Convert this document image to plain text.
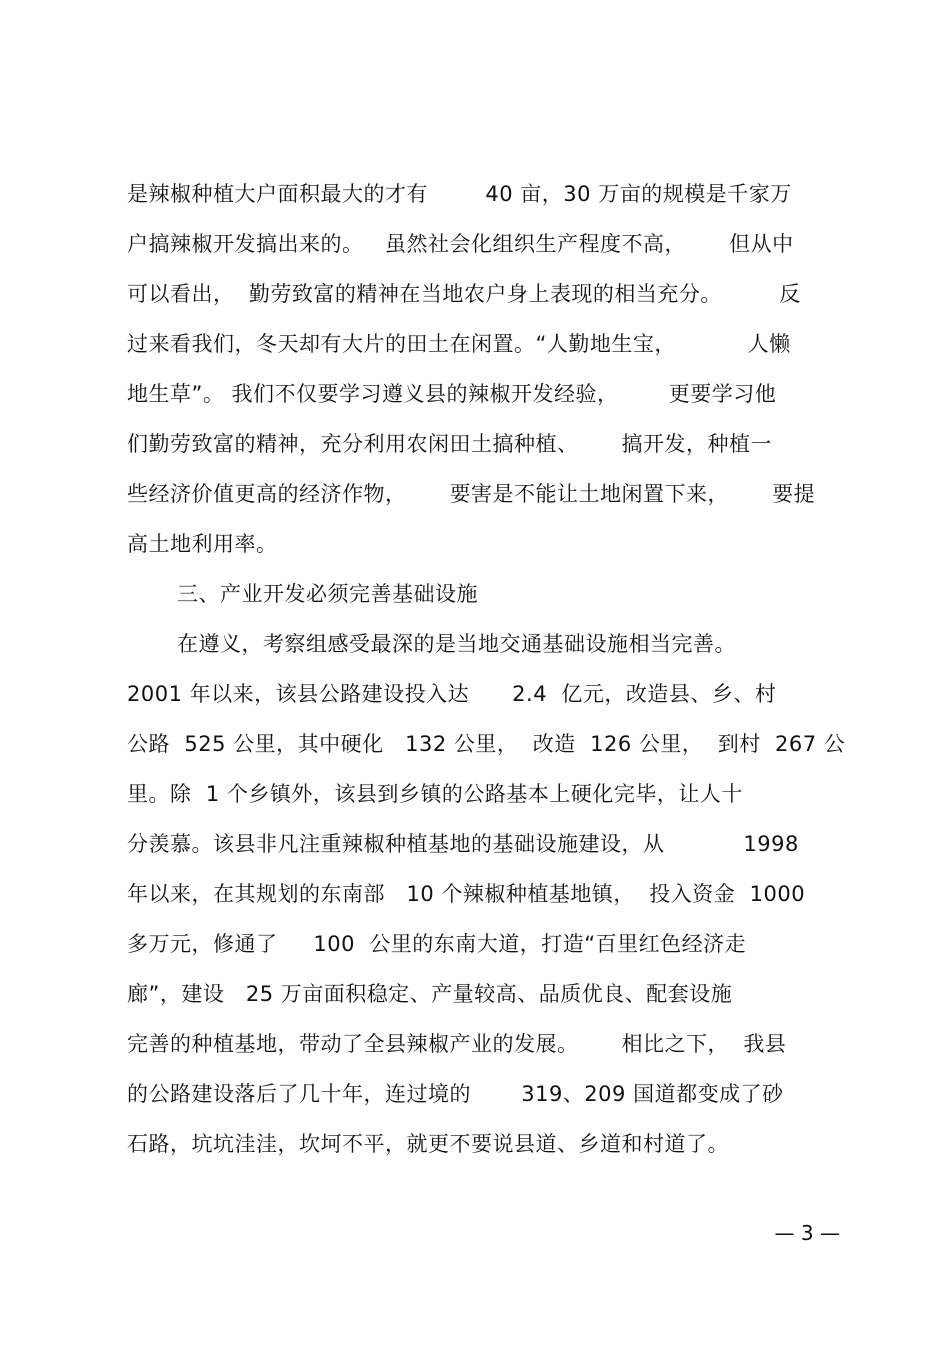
是辣椒种植大户面积最大的才有        40 亩，30 万亩的规模是千家万
户搞辣椒开发搞出来的。   虽然社会化组织生产程度不高，      但从中
可以看出，  勤劳致富的精神在当地农户身上表现的相当充分。        反
过来看我们，冬天却有大片的田土在闲置。“人勤地生宝，          人懒
地生草”。 我们不仅要学习遵义县的辣椒开发经验，       更要学习他
们勤劳致富的精神，充分利用农闲田土搞种植、      搞开发，种植一
些经济价值更高的经济作物，      要害是不能让土地闲置下来，      要提
高土地利用率。
三、产业开发必须完善基础设施
在遵义，考察组感受最深的是当地交通基础设施相当完善。
2001 年以来，该县公路建设投入达      2.4  亿元，改造县、乡、村
公路  525 公里，其中硬化   132 公里，  改造  126 公里，  到村  267 公
里。除  1 个乡镇外，该县到乡镇的公路基本上硬化完毕，让人十
分羡慕。该县非凡注重辣椒种植基地的基础设施建设，从           1998
年以来，在其规划的东南部   10 个辣椒种植基地镇，  投入资金  1000
多万元，修通了     100  公里的东南大道，打造“百里红色经济走
廊”，建设   25 万亩面积稳定、产量较高、品质优良、配套设施
完善的种植基地，带动了全县辣椒产业的发展。      相比之下，  我县
的公路建设落后了几十年，连过境的       319、209 国道都变成了砂
石路，坑坑洼洼，坎坷不平，就更不要说县道、乡道和村道了。
— 3 —
